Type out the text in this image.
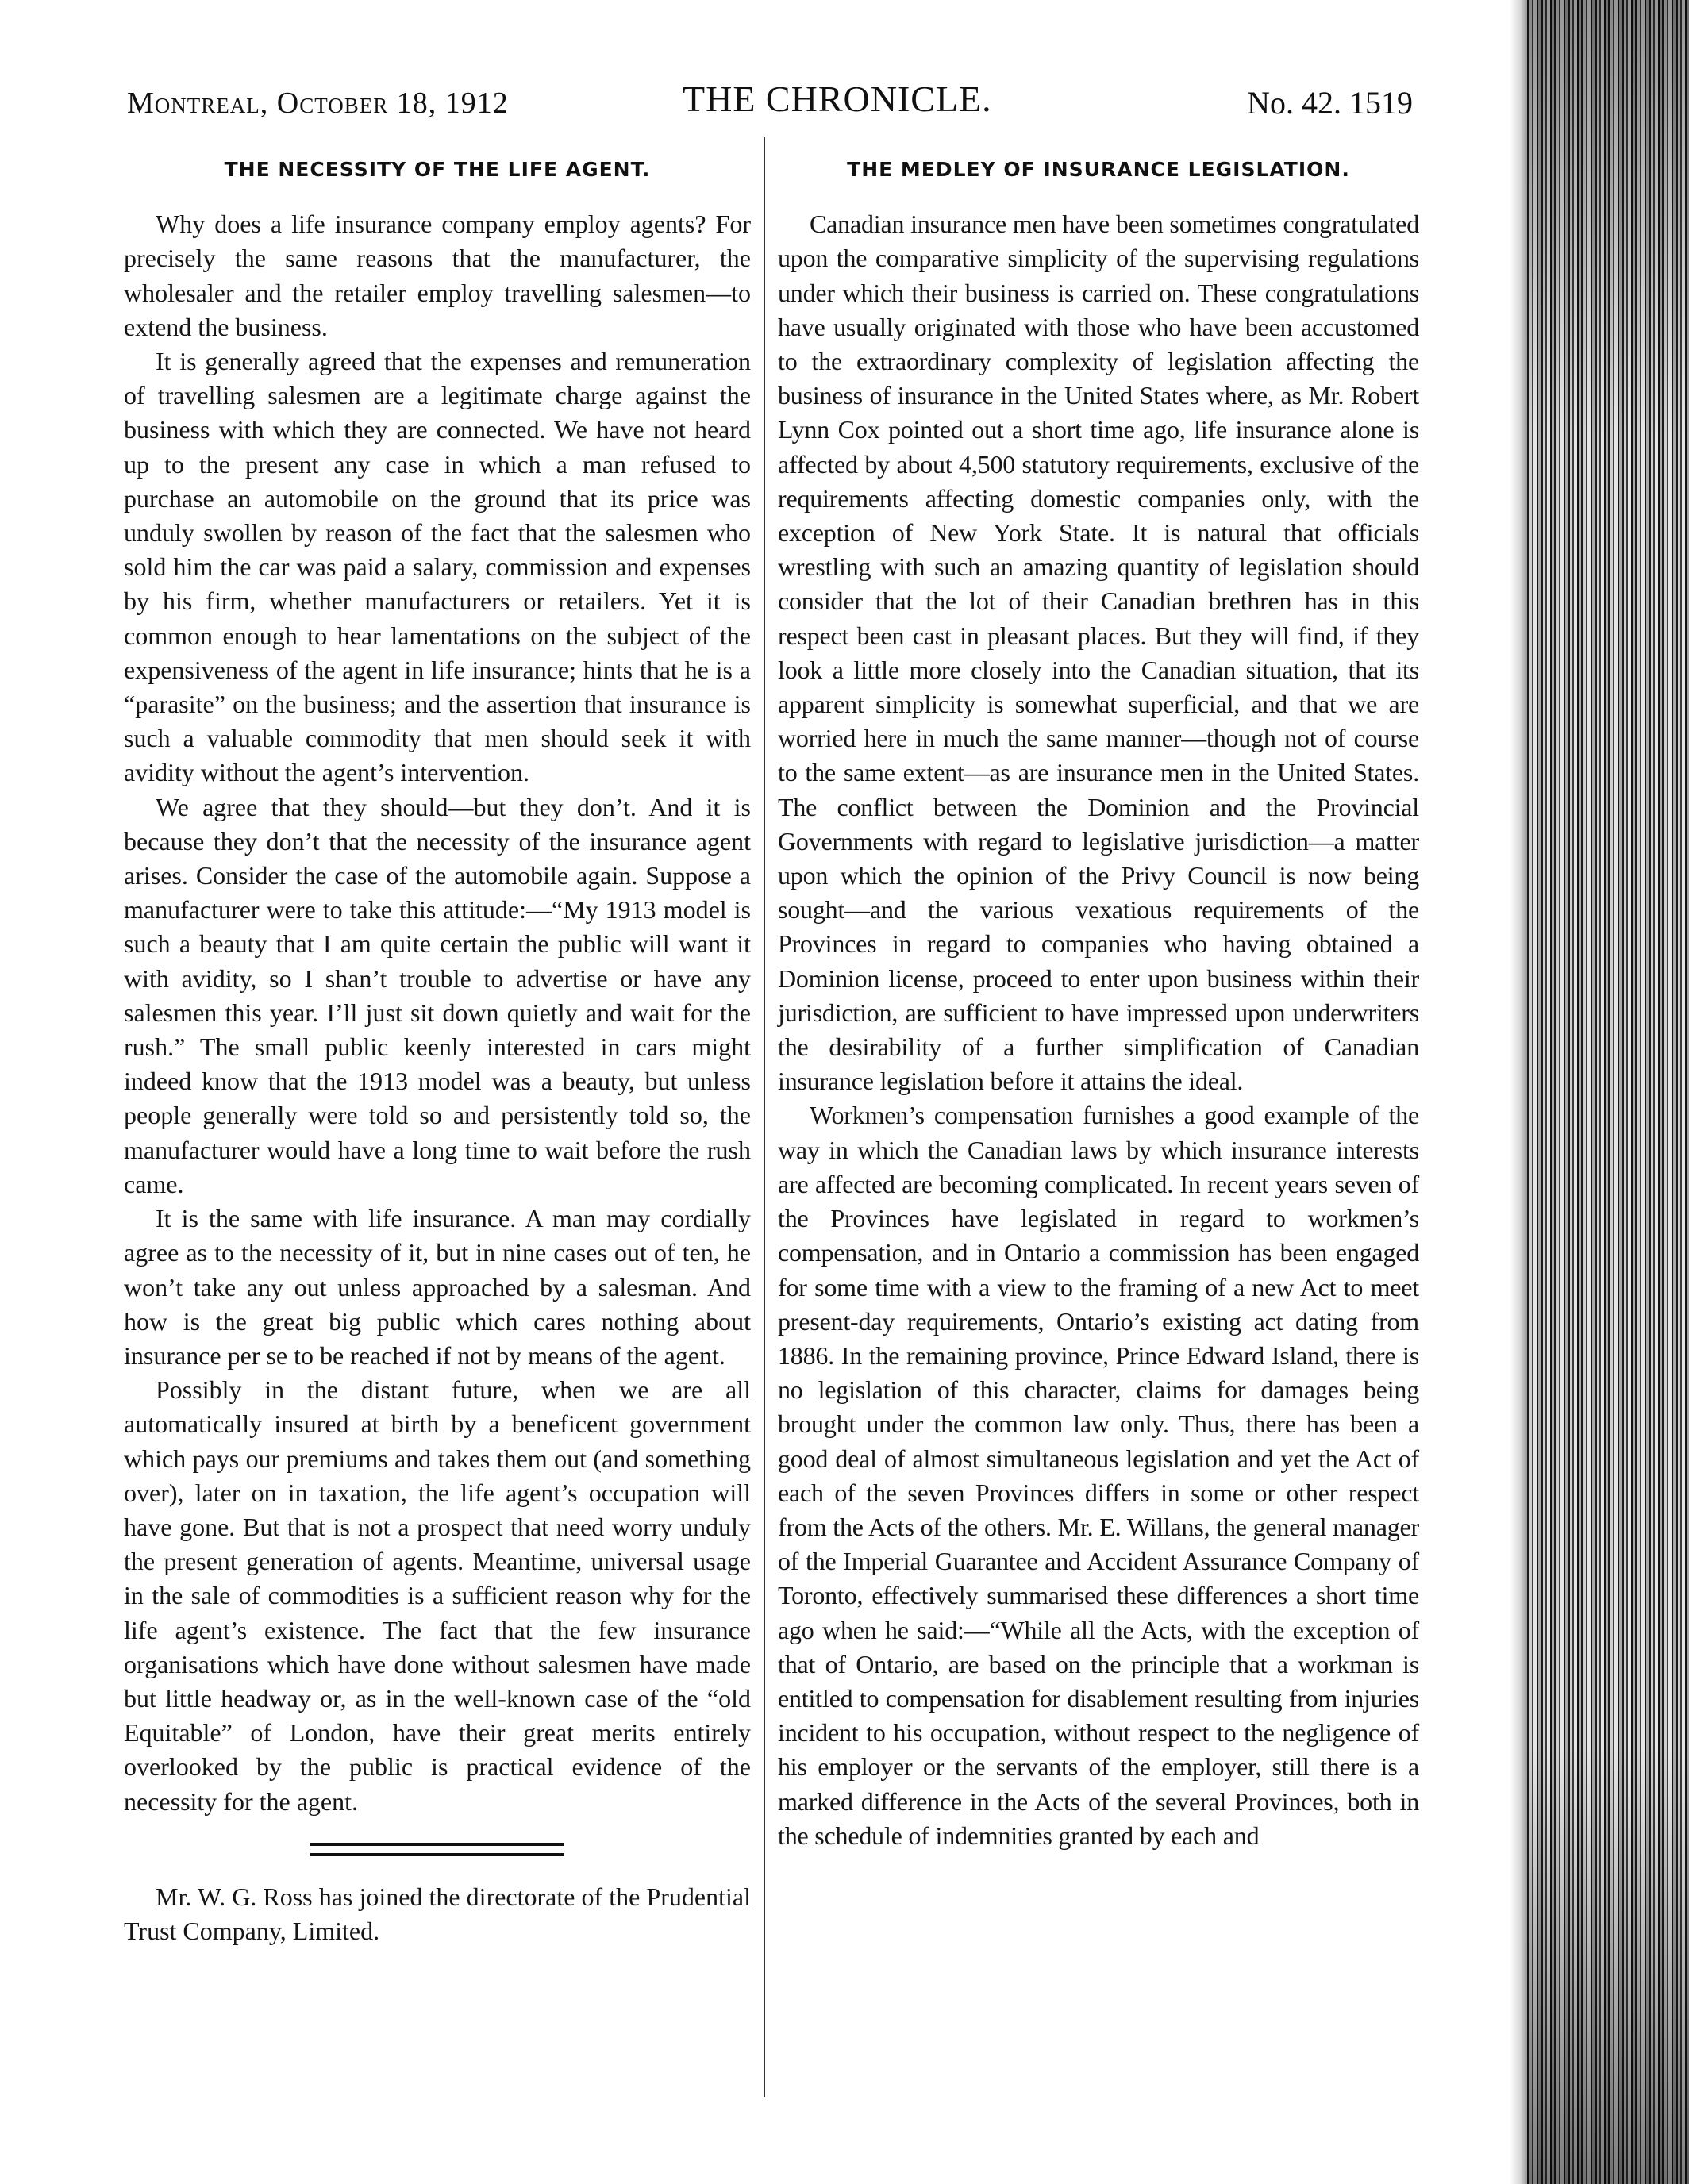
Montreal, October 18, 1912	THE CHRONICLE.	No. 42. 1519
THE NECESSITY OF THE LIFE AGENT.

Why does a life insurance company employ agents? For precisely the same reasons that the manufacturer, the wholesaler and the retailer employ travelling salesmen—to extend the business.

It is generally agreed that the expenses and remuneration of travelling salesmen are a legitimate charge against the business with which they are connected. We have not heard up to the present any case in which a man refused to purchase an automobile on the ground that its price was unduly swollen by reason of the fact that the salesmen who sold him the car was paid a salary, commission and expenses by his firm, whether manufacturers or retailers. Yet it is common enough to hear lamentations on the subject of the expensiveness of the agent in life insurance; hints that he is a “parasite” on the business; and the assertion that insurance is such a valuable commodity that men should seek it with avidity without the agent’s intervention.

We agree that they should—but they don’t. And it is because they don’t that the necessity of the insurance agent arises. Consider the case of the automobile again. Suppose a manufacturer were to take this attitude:—“My 1913 model is such a beauty that I am quite certain the public will want it with avidity, so I shan’t trouble to advertise or have any salesmen this year. I’ll just sit down quietly and wait for the rush.” The small public keenly interested in cars might indeed know that the 1913 model was a beauty, but unless people generally were told so and persistently told so, the manufacturer would have a long time to wait before the rush came.

It is the same with life insurance. A man may cordially agree as to the necessity of it, but in nine cases out of ten, he won’t take any out unless approached by a salesman. And how is the great big public which cares nothing about insurance per se to be reached if not by means of the agent.

Possibly in the distant future, when we are all automatically insured at birth by a beneficent government which pays our premiums and takes them out (and something over), later on in taxation, the life agent’s occupation will have gone. But that is not a prospect that need worry unduly the present generation of agents. Meantime, universal usage in the sale of commodities is a sufficient reason why for the life agent’s existence. The fact that the few insurance organisations which have done without salesmen have made but little headway or, as in the well-known case of the “old Equitable” of London, have their great merits entirely overlooked by the public is practical evidence of the necessity for the agent.

Mr. W. G. Ross has joined the directorate of the Prudential Trust Company, Limited.

THE MEDLEY OF INSURANCE LEGISLATION.

Canadian insurance men have been sometimes congratulated upon the comparative simplicity of the supervising regulations under which their business is carried on. These congratulations have usually originated with those who have been accustomed to the extraordinary complexity of legislation affecting the business of insurance in the United States where, as Mr. Robert Lynn Cox pointed out a short time ago, life insurance alone is affected by about 4,500 statutory requirements, exclusive of the requirements affecting domestic companies only, with the exception of New York State. It is natural that officials wrestling with such an amazing quantity of legislation should consider that the lot of their Canadian brethren has in this respect been cast in pleasant places. But they will find, if they look a little more closely into the Canadian situation, that its apparent simplicity is somewhat superficial, and that we are worried here in much the same manner—though not of course to the same extent—as are insurance men in the United States. The conflict between the Dominion and the Provincial Governments with regard to legislative jurisdiction—a matter upon which the opinion of the Privy Council is now being sought—and the various vexatious requirements of the Provinces in regard to companies who having obtained a Dominion license, proceed to enter upon business within their jurisdiction, are sufficient to have impressed upon underwriters the desirability of a further simplification of Canadian insurance legislation before it attains the ideal.

Workmen’s compensation furnishes a good example of the way in which the Canadian laws by which insurance interests are affected are becoming complicated. In recent years seven of the Provinces have legislated in regard to workmen’s compensation, and in Ontario a commission has been engaged for some time with a view to the framing of a new Act to meet present-day requirements, Ontario’s existing act dating from 1886. In the remaining province, Prince Edward Island, there is no legislation of this character, claims for damages being brought under the common law only. Thus, there has been a good deal of almost simultaneous legislation and yet the Act of each of the seven Provinces differs in some or other respect from the Acts of the others. Mr. E. Willans, the general manager of the Imperial Guarantee and Accident Assurance Company of Toronto, effectively summarised these differences a short time ago when he said:—“While all the Acts, with the exception of that of Ontario, are based on the principle that a workman is entitled to compensation for disablement resulting from injuries incident to his occupation, without respect to the negligence of his employer or the servants of the employer, still there is a marked difference in the Acts of the several Provinces, both in the schedule of indemnities granted by each and
